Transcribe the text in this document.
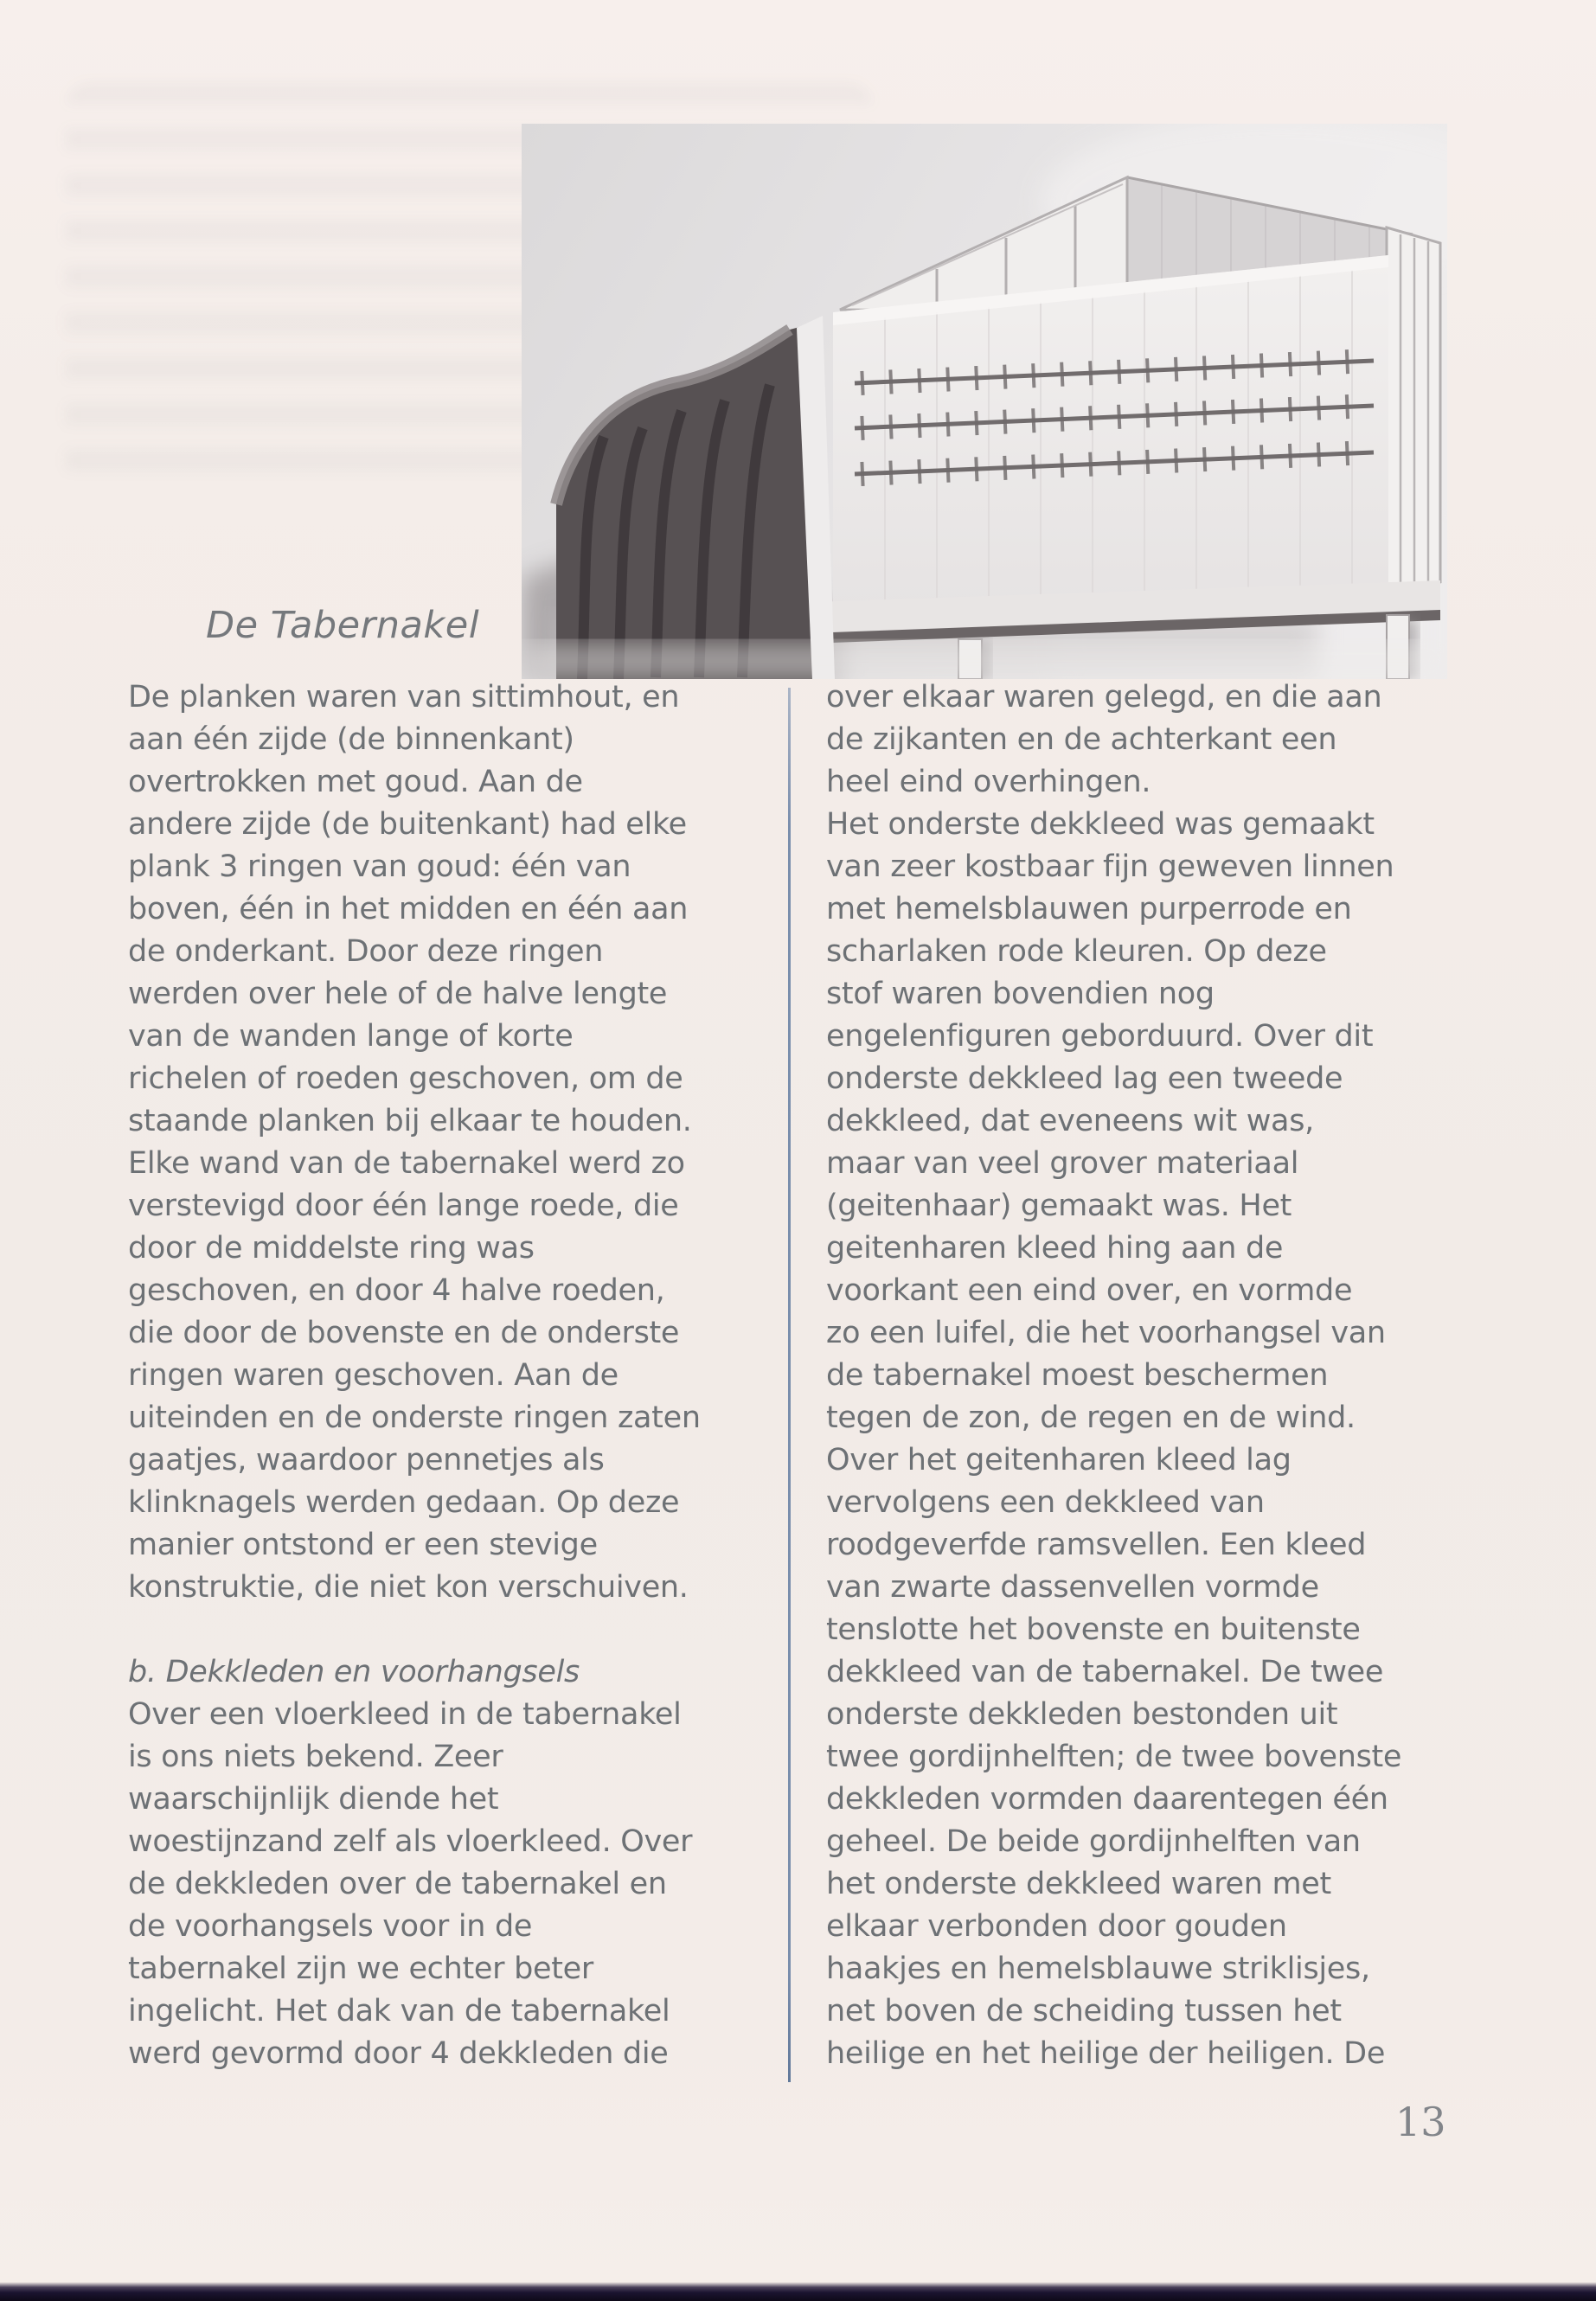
De Tabernakel
De planken waren van sittimhout, en
aan één zijde (de binnenkant)
overtrokken met goud. Aan de
andere zijde (de buitenkant) had elke
plank 3 ringen van goud: één van
boven, één in het midden en één aan
de onderkant. Door deze ringen
werden over hele of de halve lengte
van de wanden lange of korte
richelen of roeden geschoven, om de
staande planken bij elkaar te houden.
Elke wand van de tabernakel werd zo
verstevigd door één lange roede, die
door de middelste ring was
geschoven, en door 4 halve roeden,
die door de bovenste en de onderste
ringen waren geschoven. Aan de
uiteinden en de onderste ringen zaten
gaatjes, waardoor pennetjes als
klinknagels werden gedaan. Op deze
manier ontstond er een stevige
konstruktie, die niet kon verschuiven.

b. Dekkleden en voorhangsels
Over een vloerkleed in de tabernakel
is ons niets bekend. Zeer
waarschijnlijk diende het
woestijnzand zelf als vloerkleed. Over
de dekkleden over de tabernakel en
de voorhangsels voor in de
tabernakel zijn we echter beter
ingelicht. Het dak van de tabernakel
werd gevormd door 4 dekkleden die
over elkaar waren gelegd, en die aan
de zijkanten en de achterkant een
heel eind overhingen.
Het onderste dekkleed was gemaakt
van zeer kostbaar fijn geweven linnen
met hemelsblauwen purperrode en
scharlaken rode kleuren. Op deze
stof waren bovendien nog
engelenfiguren geborduurd. Over dit
onderste dekkleed lag een tweede
dekkleed, dat eveneens wit was,
maar van veel grover materiaal
(geitenhaar) gemaakt was. Het
geitenharen kleed hing aan de
voorkant een eind over, en vormde
zo een luifel, die het voorhangsel van
de tabernakel moest beschermen
tegen de zon, de regen en de wind.
Over het geitenharen kleed lag
vervolgens een dekkleed van
roodgeverfde ramsvellen. Een kleed
van zwarte dassenvellen vormde
tenslotte het bovenste en buitenste
dekkleed van de tabernakel. De twee
onderste dekkleden bestonden uit
twee gordijnhelften; de twee bovenste
dekkleden vormden daarentegen één
geheel. De beide gordijnhelften van
het onderste dekkleed waren met
elkaar verbonden door gouden
haakjes en hemelsblauwe striklisjes,
net boven de scheiding tussen het
heilige en het heilige der heiligen. De
13
